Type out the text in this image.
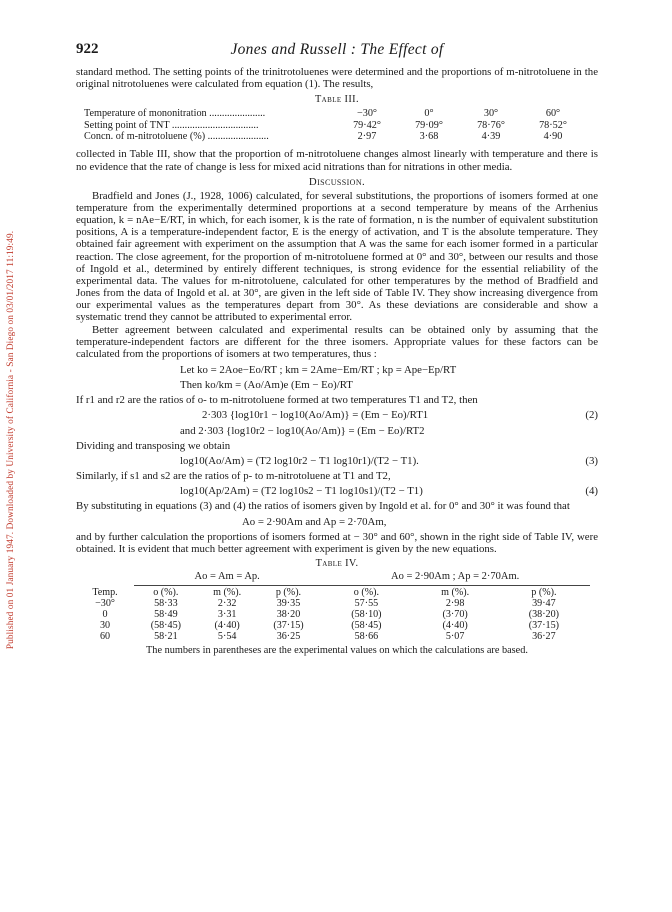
Published on 01 January 1947. Downloaded by University of California - San Diego on 03/01/2017 11:19:49.
922	Jones and Russell : The Effect of

standard method. The setting points of the trinitrotoluenes were determined and the proportions of m-nitrotoluene in the original nitrotoluenes were calculated from equation (1). The results,

Table III.

Temperature of mononitration ......................	−30°	0°	30°	60°
Setting point of TNT ..................................	79·42°	79·09°	78·76°	78·52°
Concn. of m-nitrotoluene (%) ........................	2·97	3·68	4·39	4·90

collected in Table III, show that the proportion of m-nitrotoluene changes almost linearly with temperature and there is no evidence that the rate of change is less for mixed acid nitrations than for nitrations in other media.

Discussion.

Bradfield and Jones (J., 1928, 1006) calculated, for several substitutions, the proportions of isomers formed at one temperature from the experimentally determined proportions at a second temperature by means of the Arrhenius equation, k = nAe−E/RT, in which, for each isomer, k is the rate of formation, n is the number of equivalent substitution positions, A is a temperature-independent factor, E is the energy of activation, and T is the absolute temperature. They obtained fair agreement with experiment on the assumption that A was the same for each isomer formed in a particular reaction. The close agreement, for the proportion of m-nitrotoluene formed at 0° and 30°, between our results and those of Ingold et al., determined by entirely different techniques, is strong evidence for the essential reliability of the experimental data. The values for m-nitrotoluene, calculated for other temperatures by the method of Bradfield and Jones from the data of Ingold et al. at 30°, are given in the left side of Table IV. They show increasing divergence from our experimental values as the temperatures depart from 30°. As these deviations are considerable and show a systematic trend they cannot be attributed to experimental error.

Better agreement between calculated and experimental results can be obtained only by assuming that the temperature-independent factors are different for the three isomers. Appropriate values for these factors can be calculated from the proportions of isomers at two temperatures, thus :

Let ko = 2Aoe−Eo/RT ; km = 2Ame−Em/RT ; kp = Ape−Ep/RT

Then ko/km = (Ao/Am)e (Em − Eo)/RT

If r1 and r2 are the ratios of o- to m-nitrotoluene formed at two temperatures T1 and T2, then

2·303 {log10r1 − log10(Ao/Am)} = (Em − Eo)/RT1	(2)

and 2·303 {log10r2 − log10(Ao/Am)} = (Em − Eo)/RT2

Dividing and transposing we obtain

log10(Ao/Am) = (T2 log10r2 − T1 log10r1)/(T2 − T1).	(3)

Similarly, if s1 and s2 are the ratios of p- to m-nitrotoluene at T1 and T2,

log10(Ap/2Am) = (T2 log10s2 − T1 log10s1)/(T2 − T1)	(4)

By substituting in equations (3) and (4) the ratios of isomers given by Ingold et al. for 0° and 30° it was found that

Ao = 2·90Am and Ap = 2·70Am,

and by further calculation the proportions of isomers formed at − 30° and 60°, shown in the right side of Table IV, were obtained. It is evident that much better agreement with experiment is given by the new equations.

Table IV.

	Ao = Am = Ap.			Ao = 2·90Am ; Ap = 2·70Am.		
Temp.	o (%).	m (%).	p (%).	o (%).	m (%).	p (%).
−30°	58·33	2·32	39·35	57·55	2·98	39·47
0	58·49	3·31	38·20	(58·10)	(3·70)	(38·20)
30	(58·45)	(4·40)	(37·15)	(58·45)	(4·40)	(37·15)
60	58·21	5·54	36·25	58·66	5·07	36·27

The numbers in parentheses are the experimental values on which the calculations are based.
